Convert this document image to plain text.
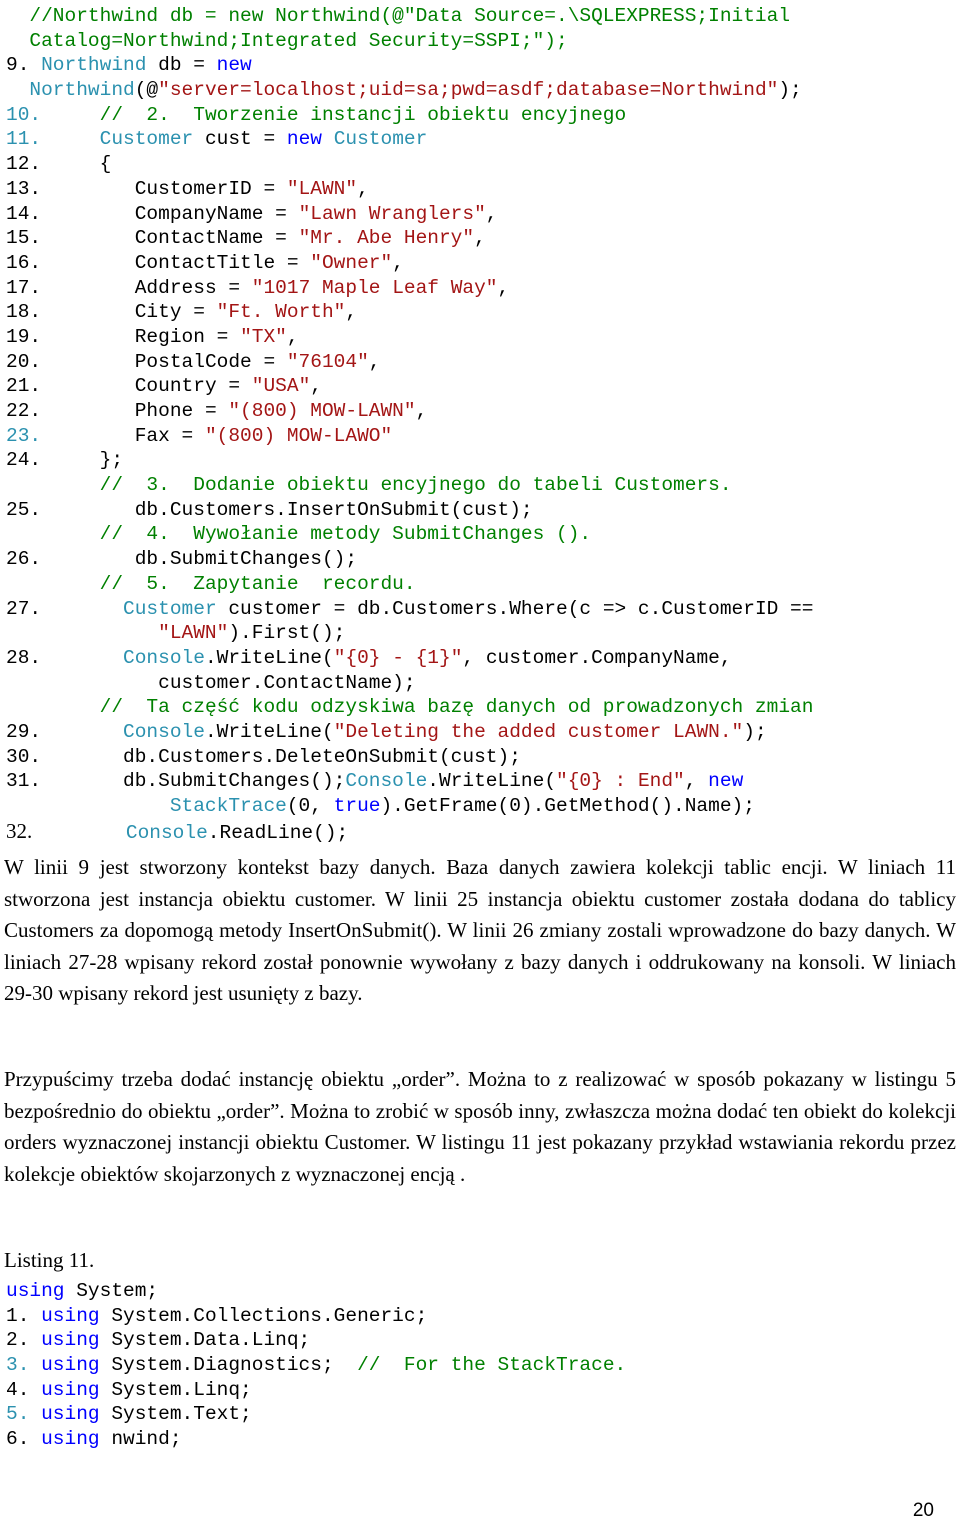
//Northwind db = new Northwind(@"Data Source=.\SQLEXPRESS;Initial
Catalog=Northwind;Integrated Security=SSPI;");
9. Northwind db = new
Northwind(@"server=localhost;uid=sa;pwd=asdf;database=Northwind");
10.	//  2.  Tworzenie instancji obiektu encyjnego
11.	Customer cust = new Customer
12.	{
13.	CustomerID = "LAWN",
14.	CompanyName = "Lawn Wranglers",
15.	ContactName = "Mr. Abe Henry",
16.	ContactTitle = "Owner",
17.	Address = "1017 Maple Leaf Way",
18.	City = "Ft. Worth",
19.	Region = "TX",
20.	PostalCode = "76104",
21.	Country = "USA",
22.	Phone = "(800) MOW-LAWN",
23.	Fax = "(800) MOW-LAWO"
24.	};
//  3.  Dodanie obiektu encyjnego do tabeli Customers.
25.	db.Customers.InsertOnSubmit(cust);
//  4.  Wywołanie metody SubmitChanges ().
26.	db.SubmitChanges();
//  5.  Zapytanie  recordu.
27.	Customer customer = db.Customers.Where(c => c.CustomerID ==
"LAWN").First();
28.	Console.WriteLine("{0} - {1}", customer.CompanyName,
customer.ContactName);
//  Ta część kodu odzyskiwa bazę danych od prowadzonych zmian
29.	Console.WriteLine("Deleting the added customer LAWN.");
30.	db.Customers.DeleteOnSubmit(cust);
31.	db.SubmitChanges();Console.WriteLine("{0} : End", new
StackTrace(0, true).GetFrame(0).GetMethod().Name);
32.	Console.ReadLine();

W linii 9 jest stworzony kontekst bazy danych. Baza danych zawiera kolekcji tablic encji. W liniach 11 stworzona jest instancja obiektu customer. W linii 25 instancja obiektu customer została dodana do tablicy Customers za dopomogą metody InsertOnSubmit(). W linii 26 zmiany zostali wprowadzone do bazy danych. W liniach 27-28 wpisany rekord został ponownie wywołany z bazy danych i oddrukowany na konsoli. W liniach 29-30 wpisany rekord jest usunięty z bazy.

Przypuścimy trzeba dodać instancję obiektu „order”. Można to z realizować w sposób pokazany w listingu 5 bezpośrednio do obiektu „order”. Można to zrobić w sposób inny, zwłaszcza można dodać ten obiekt do kolekcji orders wyznaczonej instancji obiektu Customer. W listingu 11 jest pokazany przykład wstawiania rekordu przez kolekcje obiektów skojarzonych z wyznaczonej encją .

Listing 11.

using System;
1. using System.Collections.Generic;
2. using System.Data.Linq;
3. using System.Diagnostics;  //  For the StackTrace.
4. using System.Linq;
5. using System.Text;
6. using nwind;
20
